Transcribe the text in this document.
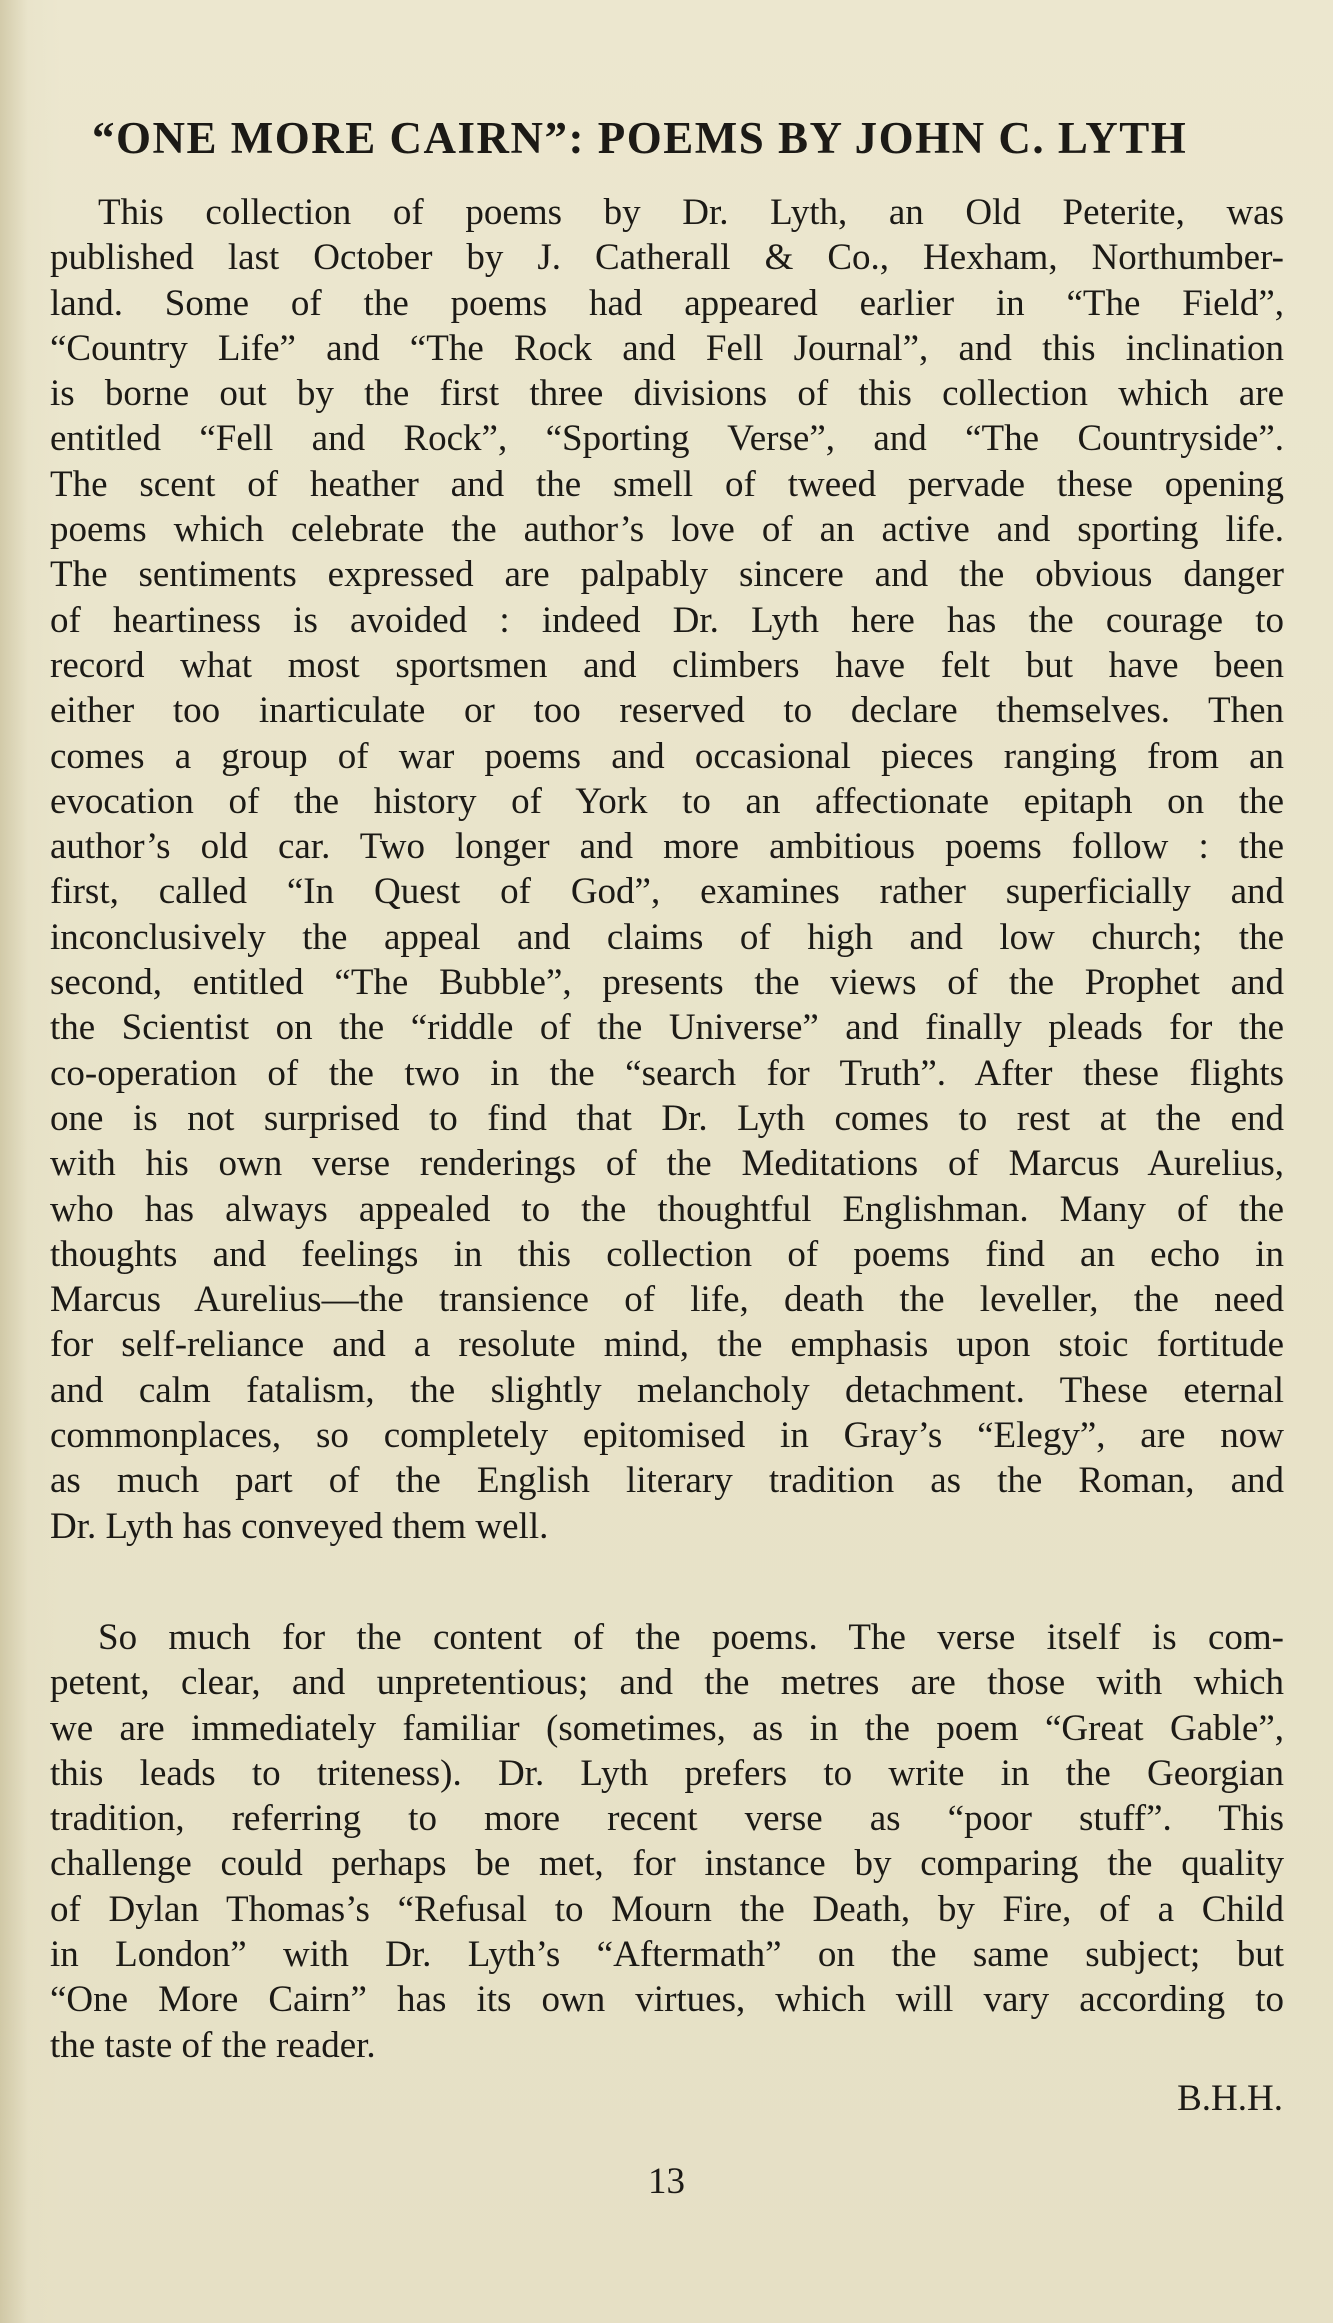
“ONE MORE CAIRN”: POEMS BY JOHN C. LYTH
This collection of poems by Dr. Lyth, an Old Peterite, was
published last October by J. Catherall & Co., Hexham, Northumber-
land. Some of the poems had appeared earlier in “The Field”,
“Country Life” and “The Rock and Fell Journal”, and this inclination
is borne out by the first three divisions of this collection which are
entitled “Fell and Rock”, “Sporting Verse”, and “The Countryside”.
The scent of heather and the smell of tweed pervade these opening
poems which celebrate the author’s love of an active and sporting life.
The sentiments expressed are palpably sincere and the obvious danger
of heartiness is avoided : indeed Dr. Lyth here has the courage to
record what most sportsmen and climbers have felt but have been
either too inarticulate or too reserved to declare themselves. Then
comes a group of war poems and occasional pieces ranging from an
evocation of the history of York to an affectionate epitaph on the
author’s old car. Two longer and more ambitious poems follow : the
first, called “In Quest of God”, examines rather superficially and
inconclusively the appeal and claims of high and low church; the
second, entitled “The Bubble”, presents the views of the Prophet and
the Scientist on the “riddle of the Universe” and finally pleads for the
co-operation of the two in the “search for Truth”. After these flights
one is not surprised to find that Dr. Lyth comes to rest at the end
with his own verse renderings of the Meditations of Marcus Aurelius,
who has always appealed to the thoughtful Englishman. Many of the
thoughts and feelings in this collection of poems find an echo in
Marcus Aurelius—the transience of life, death the leveller, the need
for self-reliance and a resolute mind, the emphasis upon stoic fortitude
and calm fatalism, the slightly melancholy detachment. These eternal
commonplaces, so completely epitomised in Gray’s “Elegy”, are now
as much part of the English literary tradition as the Roman, and
Dr. Lyth has conveyed them well.
So much for the content of the poems. The verse itself is com-
petent, clear, and unpretentious; and the metres are those with which
we are immediately familiar (sometimes, as in the poem “Great Gable”,
this leads to triteness). Dr. Lyth prefers to write in the Georgian
tradition, referring to more recent verse as “poor stuff”. This
challenge could perhaps be met, for instance by comparing the quality
of Dylan Thomas’s “Refusal to Mourn the Death, by Fire, of a Child
in London” with Dr. Lyth’s “Aftermath” on the same subject; but
“One More Cairn” has its own virtues, which will vary according to
the taste of the reader.

B.H.H.

13
